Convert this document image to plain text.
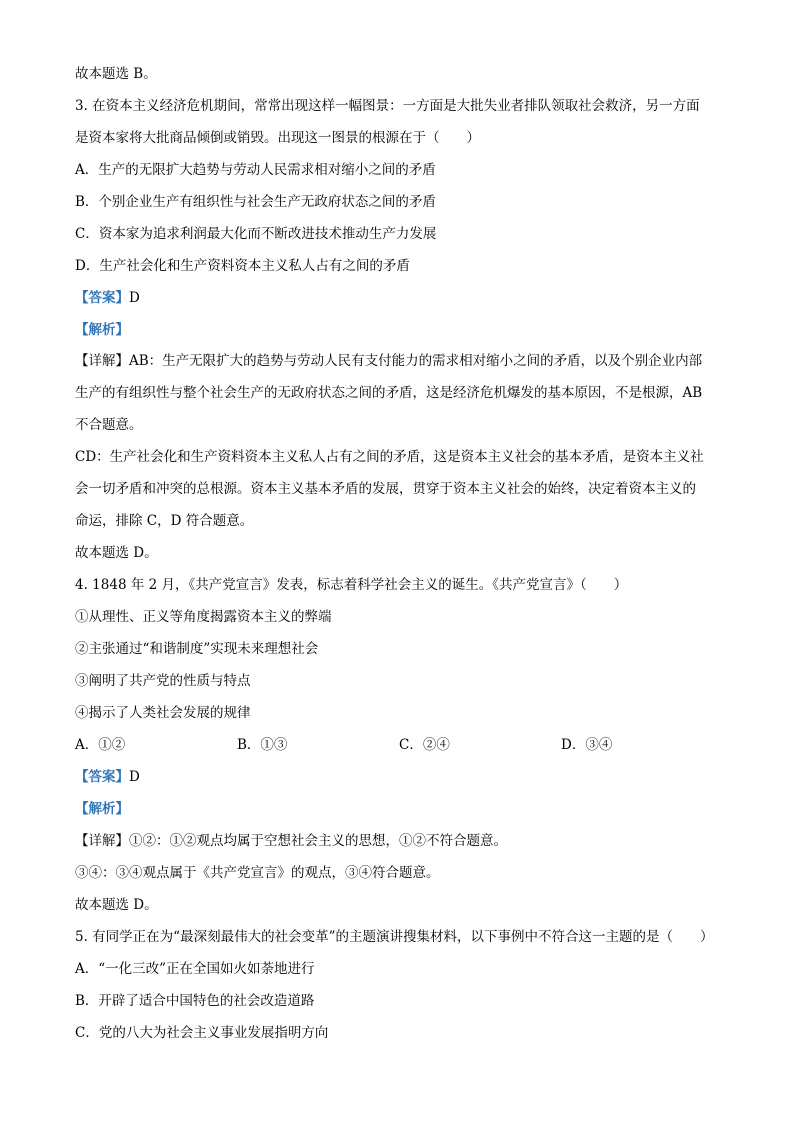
故本题选 B。
3. 在资本主义经济危机期间，常常出现这样一幅图景：一方面是大批失业者排队领取社会救济，另一方面
是资本家将大批商品倾倒或销毁。出现这一图景的根源在于（　　）
A．生产的无限扩大趋势与劳动人民需求相对缩小之间的矛盾
B．个别企业生产有组织性与社会生产无政府状态之间的矛盾
C．资本家为追求利润最大化而不断改进技术推动生产力发展
D．生产社会化和生产资料资本主义私人占有之间的矛盾
【答案】D
【解析】
【详解】AB：生产无限扩大的趋势与劳动人民有支付能力的需求相对缩小之间的矛盾，以及个别企业内部
生产的有组织性与整个社会生产的无政府状态之间的矛盾，这是经济危机爆发的基本原因，不是根源，AB
不合题意。
CD：生产社会化和生产资料资本主义私人占有之间的矛盾，这是资本主义社会的基本矛盾，是资本主义社
会一切矛盾和冲突的总根源。资本主义基本矛盾的发展，贯穿于资本主义社会的始终，决定着资本主义的
命运，排除 C，D 符合题意。
故本题选 D。
4. 1848 年 2 月，《共产党宣言》发表，标志着科学社会主义的诞生。《共产党宣言》（　　）
①从理性、正义等角度揭露资本主义的弊端
②主张通过“和谐制度”实现未来理想社会
③阐明了共产党的性质与特点
④揭示了人类社会发展的规律
A．①②	B．①③	C．②④	D．③④
【答案】D
【解析】
【详解】①②：①②观点均属于空想社会主义的思想，①②不符合题意。
③④：③④观点属于《共产党宣言》的观点，③④符合题意。
故本题选 D。
5. 有同学正在为“最深刻最伟大的社会变革”的主题演讲搜集材料，以下事例中不符合这一主题的是（　　）
A．“一化三改”正在全国如火如荼地进行
B．开辟了适合中国特色的社会改造道路
C．党的八大为社会主义事业发展指明方向
